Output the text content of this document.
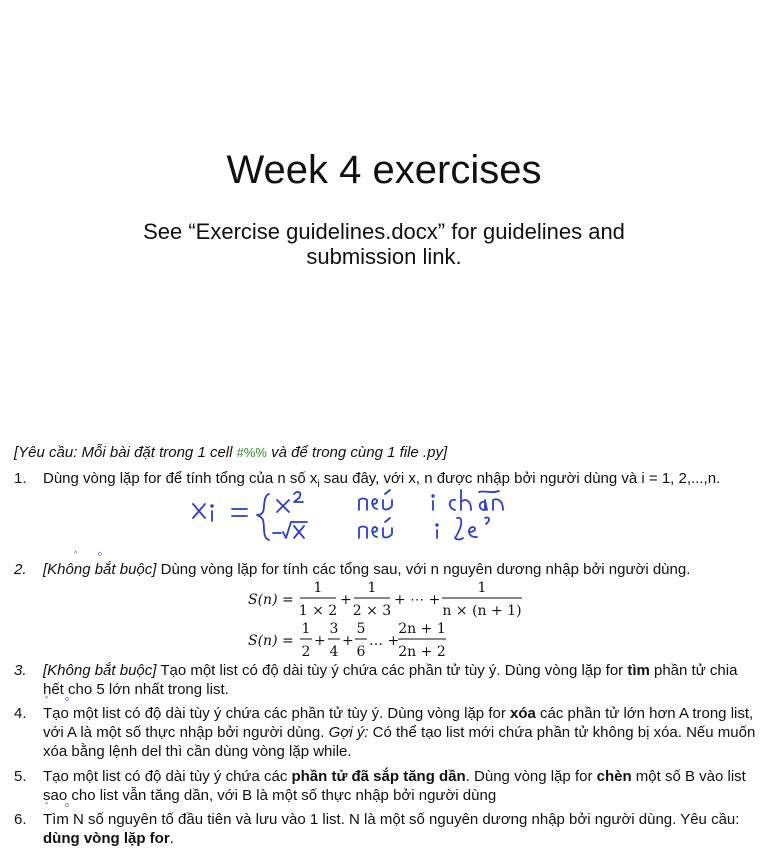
Week 4 exercises
See “Exercise guidelines.docx” for guidelines and submission link.
[Yêu cầu: Mỗi bài đặt trong 1 cell #%% và để trong cùng 1 file .py]
1. Dùng vòng lặp for để tính tổng của n số $x_i$ sau đây, với x, n được nhập bởi người dùng và i = 1, 2,...,n.
^	o
2. [Không bắt buộc] Dùng vòng lặp for tính các tổng sau, với n nguyên dương nhập bởi người dùng.
S(n) =
1
1 × 2
+
1
2 × 3
+ ⋯ +
1
n × (n + 1)
S(n) =
1
2
+
3
4
+
5
6
… +
2n + 1
2n + 2
3. [Không bắt buộc] Tạo một list có độ dài tùy ý chứa các phần tử tùy ý. Dùng vòng lặp for tìm phần tử chia hết cho 5 lớn nhất trong list.
^ o
4. Tạo một list có độ dài tùy ý chứa các phần tử tùy ý. Dùng vòng lặp for xóa các phần tử lớn hơn A trong list, với A là một số thực nhập bởi người dùng. Gợi ý: Có thể tạo list mới chứa phần tử không bị xóa. Nếu muốn xóa bằng lệnh del thì cần dùng vòng lặp while.
5. Tạo một list có độ dài tùy ý chứa các phần tử đã sắp tăng dần. Dùng vòng lặp for chèn một số B vào list sao cho list vẫn tăng dần, với B là một số thực nhập bởi người dùng
^ o
6. Tìm N số nguyên tố đầu tiên và lưu vào 1 list. N là một số nguyên dương nhập bởi người dùng. Yêu cầu: dùng vòng lặp for.
